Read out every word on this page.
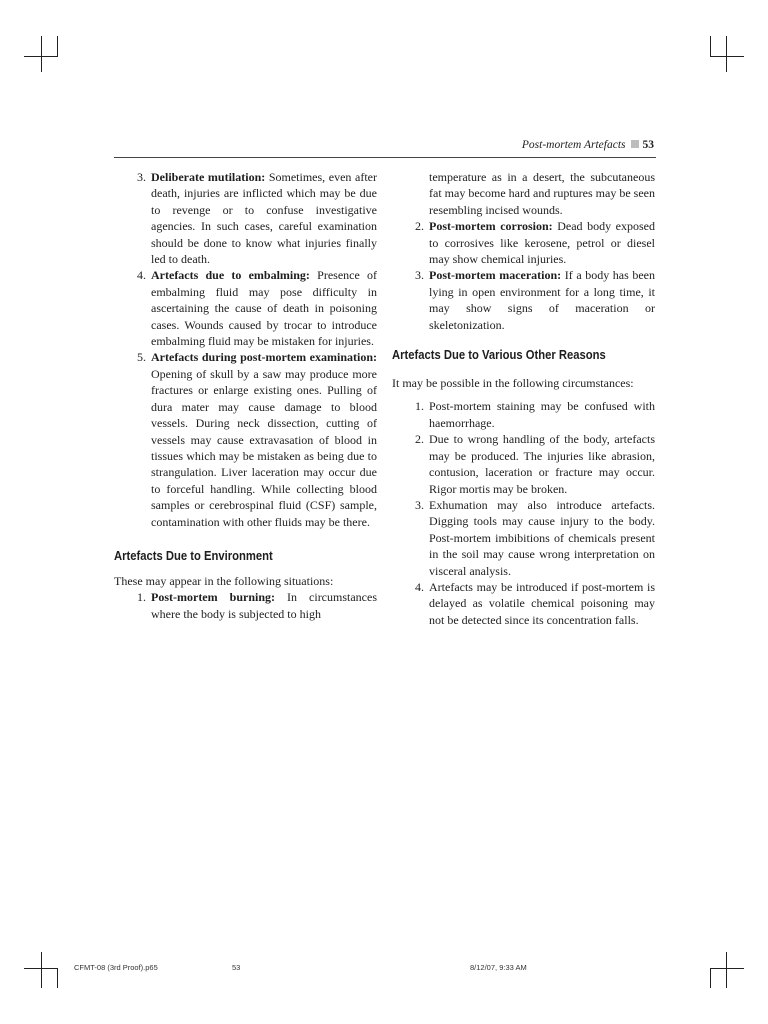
Post-mortem Artefacts 53
3. Deliberate mutilation: Sometimes, even after death, injuries are inflicted which may be due to revenge or to confuse investigative agencies. In such cases, careful examination should be done to know what injuries finally led to death.
4. Artefacts due to embalming: Presence of embalming fluid may pose difficulty in ascertaining the cause of death in poisoning cases. Wounds caused by trocar to introduce embalming fluid may be mistaken for injuries.
5. Artefacts during post-mortem examination: Opening of skull by a saw may produce more fractures or enlarge existing ones. Pulling of dura mater may cause damage to blood vessels. During neck dissection, cutting of vessels may cause extravasation of blood in tissues which may be mistaken as being due to strangulation. Liver laceration may occur due to forceful handling. While collecting blood samples or cerebrospinal fluid (CSF) sample, contamination with other fluids may be there.
Artefacts Due to Environment

These may appear in the following situations:

1. Post-mortem burning: In circumstances where the body is subjected to high
temperature as in a desert, the subcutaneous fat may become hard and ruptures may be seen resembling incised wounds.
2. Post-mortem corrosion: Dead body exposed to corrosives like kerosene, petrol or diesel may show chemical injuries.
3. Post-mortem maceration: If a body has been lying in open environment for a long time, it may show signs of maceration or skeletonization.
Artefacts Due to Various Other Reasons

It may be possible in the following circumstances:

1. Post-mortem staining may be confused with haemorrhage.
2. Due to wrong handling of the body, artefacts may be produced. The injuries like abrasion, contusion, laceration or fracture may occur. Rigor mortis may be broken.
3. Exhumation may also introduce artefacts. Digging tools may cause injury to the body. Post-mortem imbibitions of chemicals present in the soil may cause wrong interpretation on visceral analysis.
4. Artefacts may be introduced if post-mortem is delayed as volatile chemical poisoning may not be detected since its concentration falls.
CFMT-08 (3rd Proof).p65	53	8/12/07, 9:33 AM
